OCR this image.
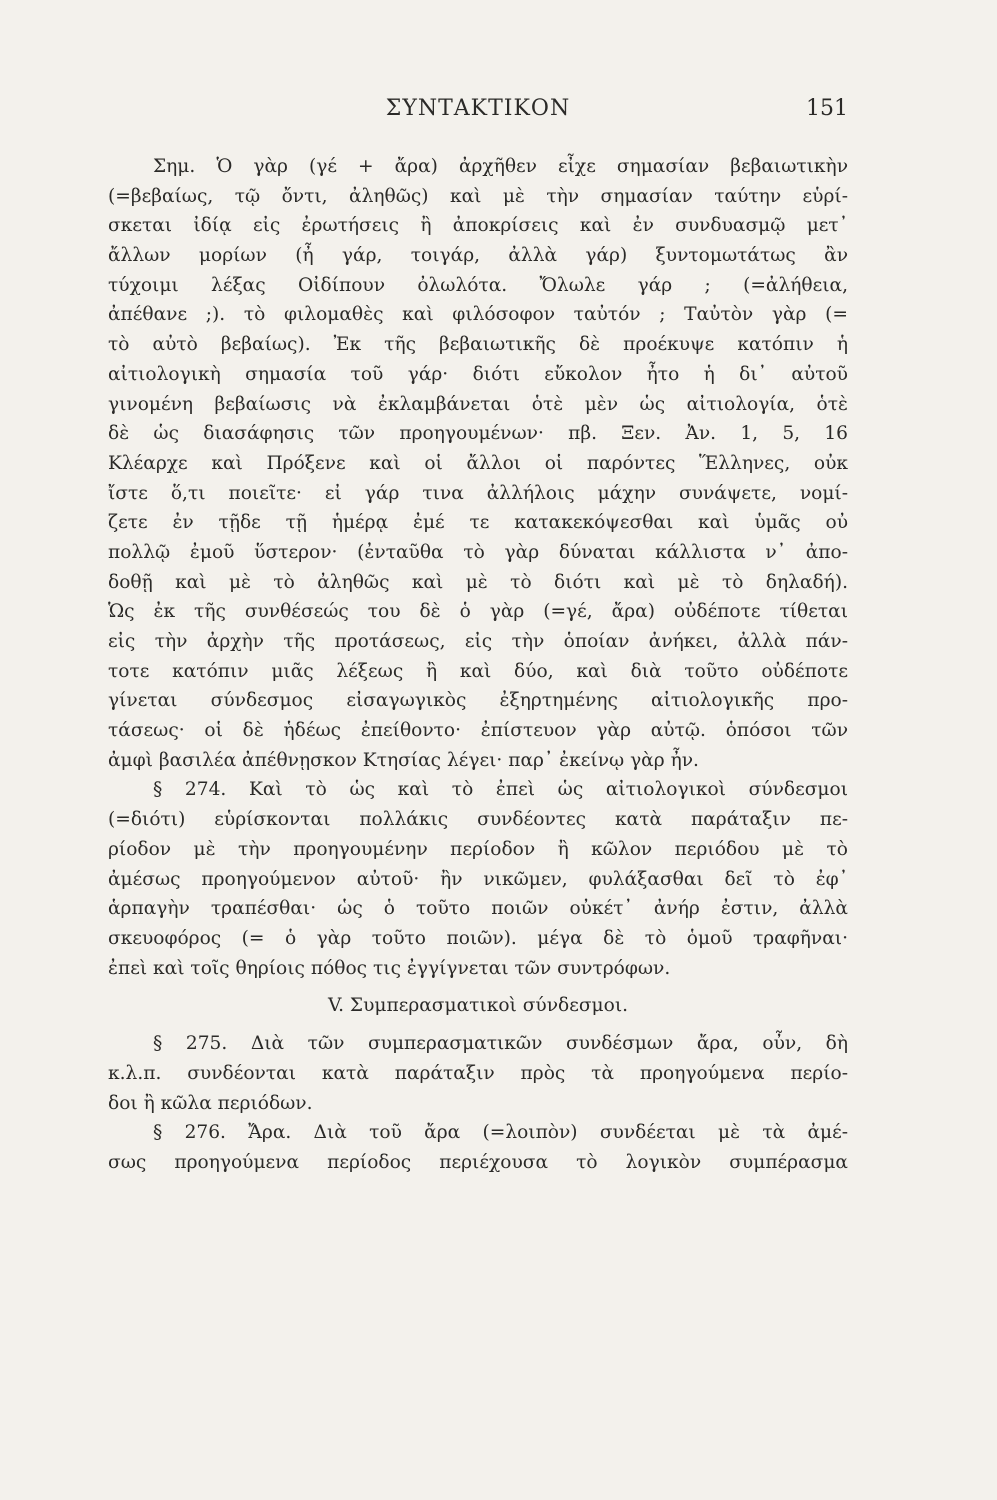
ΣΥΝΤΑΚΤΙΚΟΝ	151
Σημ. Ὁ γὰρ (γέ + ἄρα) ἀρχῆθεν εἶχε σημασίαν βεβαιωτικὴν
(=βεβαίως, τῷ ὄντι, ἀληθῶς) καὶ μὲ τὴν σημασίαν ταύτην εὑρί-
σκεται ἰδίᾳ εἰς ἐρωτήσεις ἢ ἀποκρίσεις καὶ ἐν συνδυασμῷ μετ᾿
ἄλλων μορίων (ἦ γάρ, τοιγάρ, ἀλλὰ γάρ) ξυντομωτάτως ἂν
τύχοιμι λέξας Οἰδίπουν ὀλωλότα. Ὄλωλε γάρ ; (=ἀλήθεια,
ἀπέθανε ;). τὸ φιλομαθὲς καὶ φιλόσοφον ταὐτόν ; Ταὐτὸν γὰρ (=
τὸ αὐτὸ βεβαίως). Ἐκ τῆς βεβαιωτικῆς δὲ προέκυψε κατόπιν ἡ
αἰτιολογικὴ σημασία τοῦ γάρ· διότι εὔκολον ἦτο ἡ δι᾿ αὐτοῦ
γινομένη βεβαίωσις νὰ ἐκλαμβάνεται ὁτὲ μὲν ὡς αἰτιολογία, ὁτὲ
δὲ ὡς διασάφησις τῶν προηγουμένων· πβ. Ξεν. Ἀν. 1, 5, 16
Κλέαρχε καὶ Πρόξενε καὶ οἱ ἄλλοι οἱ παρόντες Ἕλληνες, οὐκ
ἴστε ὅ,τι ποιεῖτε· εἰ γάρ τινα ἀλλήλοις μάχην συνάψετε, νομί-
ζετε ἐν τῇδε τῇ ἡμέρᾳ ἐμέ τε κατακεκόψεσθαι καὶ ὑμᾶς οὐ
πολλῷ ἐμοῦ ὕστερον· (ἐνταῦθα τὸ γὰρ δύναται κάλλιστα ν᾿ ἀπο-
δοθῇ καὶ μὲ τὸ ἀληθῶς καὶ μὲ τὸ διότι καὶ μὲ τὸ δηλαδή).
Ὡς ἐκ τῆς συνθέσεώς του δὲ ὁ γὰρ (=γέ, ἄρα) οὐδέποτε τίθεται
εἰς τὴν ἀρχὴν τῆς προτάσεως, εἰς τὴν ὁποίαν ἀνήκει, ἀλλὰ πάν-
τοτε κατόπιν μιᾶς λέξεως ἢ καὶ δύο, καὶ διὰ τοῦτο οὐδέποτε
γίνεται σύνδεσμος εἰσαγωγικὸς ἐξηρτημένης αἰτιολογικῆς προ-
τάσεως· οἱ δὲ ἡδέως ἐπείθοντο· ἐπίστευον γὰρ αὐτῷ. ὁπόσοι τῶν
ἀμφὶ βασιλέα ἀπέθνῃσκον Κτησίας λέγει· παρ᾿ ἐκείνῳ γὰρ ἦν.
§ 274. Καὶ τὸ ὡς καὶ τὸ ἐπεὶ ὡς αἰτιολογικοὶ σύνδεσμοι
(=διότι) εὑρίσκονται πολλάκις συνδέοντες κατὰ παράταξιν πε-
ρίοδον μὲ τὴν προηγουμένην περίοδον ἢ κῶλον περιόδου μὲ τὸ
ἀμέσως προηγούμενον αὐτοῦ· ἢν νικῶμεν, φυλάξασθαι δεῖ τὸ ἐφ᾿
ἁρπαγὴν τραπέσθαι· ὡς ὁ τοῦτο ποιῶν οὐκέτ᾿ ἀνήρ ἐστιν, ἀλλὰ
σκευοφόρος (= ὁ γὰρ τοῦτο ποιῶν). μέγα δὲ τὸ ὁμοῦ τραφῆναι·
ἐπεὶ καὶ τοῖς θηρίοις πόθος τις ἐγγίγνεται τῶν συντρόφων.
V. Συμπερασματικοὶ σύνδεσμοι.
§ 275. Διὰ τῶν συμπερασματικῶν συνδέσμων ἄρα, οὖν, δὴ
κ.λ.π. συνδέονται κατὰ παράταξιν πρὸς τὰ προηγούμενα περίο-
δοι ἢ κῶλα περιόδων.
§ 276. Ἄρα. Διὰ τοῦ ἄρα (=λοιπὸν) συνδέεται μὲ τὰ ἀμέ-
σως προηγούμενα περίοδος περιέχουσα τὸ λογικὸν συμπέρασμα
